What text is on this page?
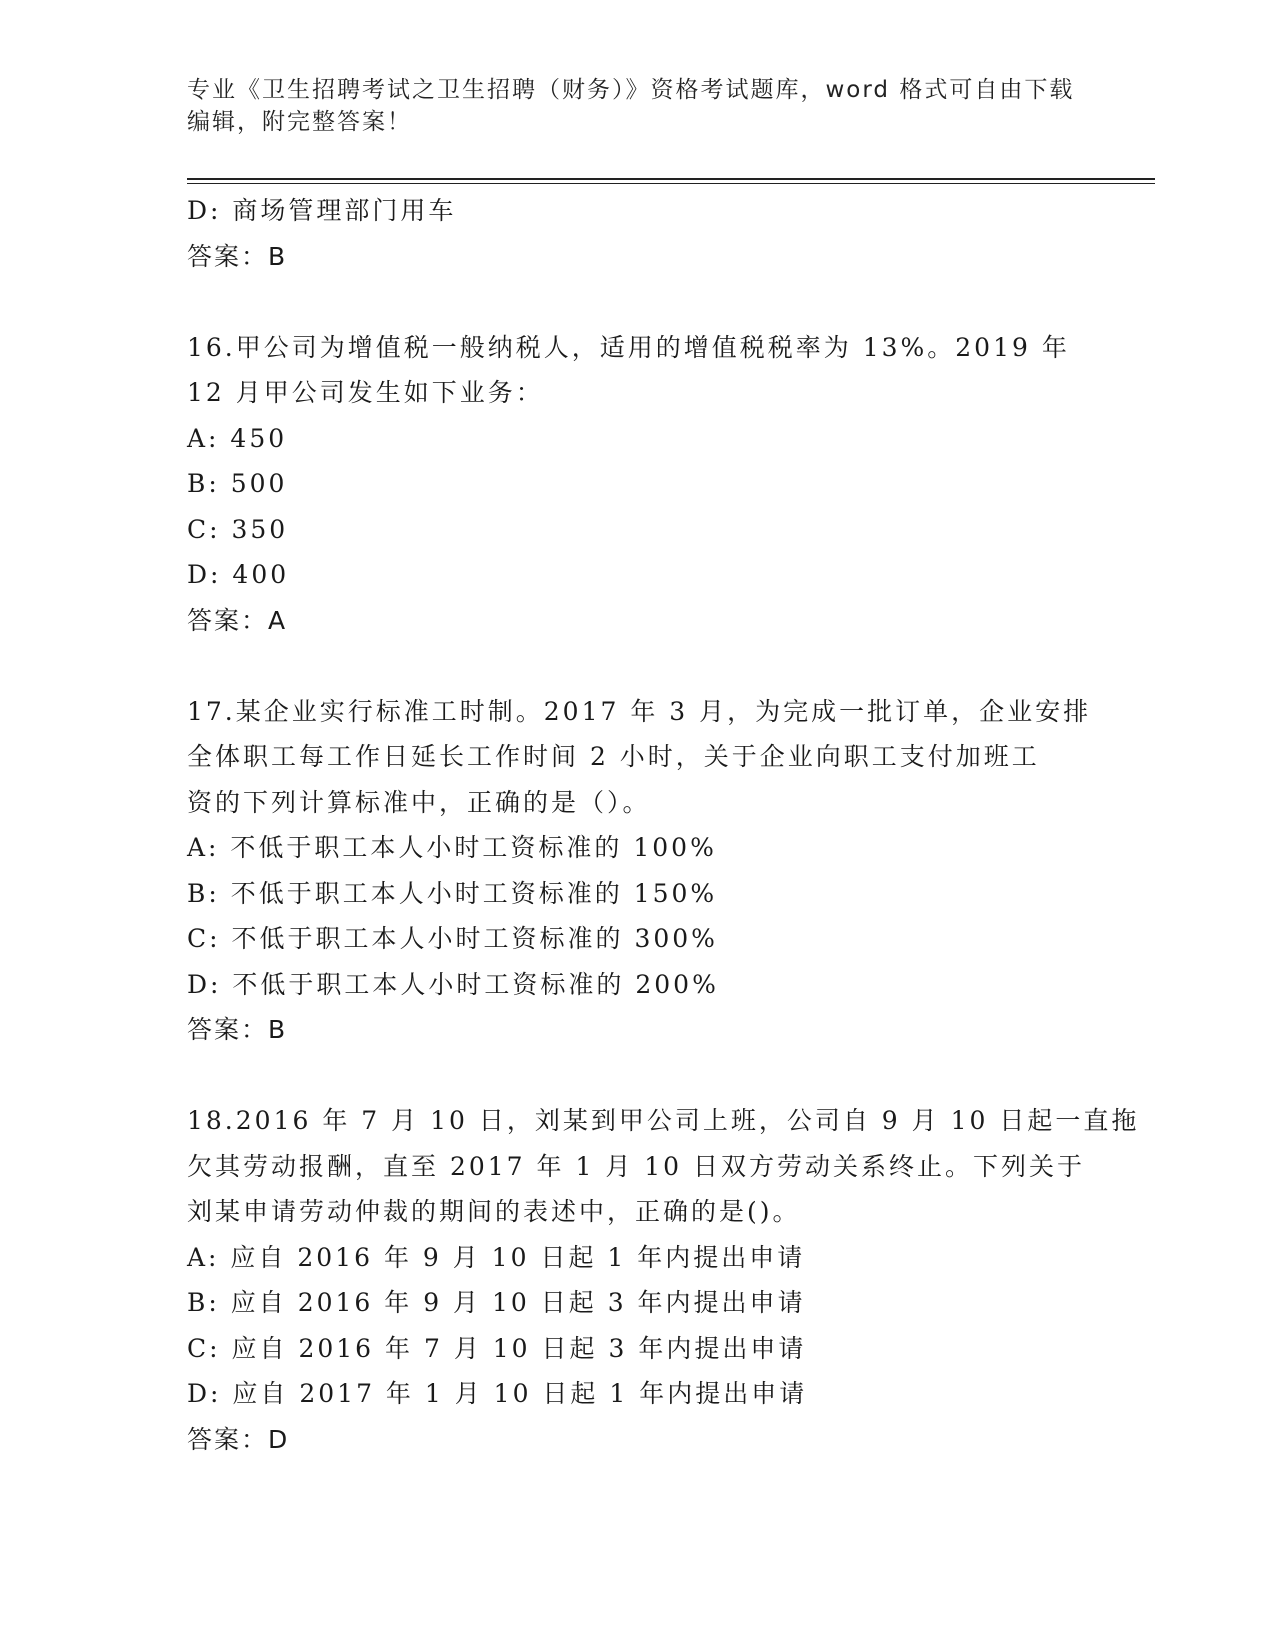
专业《卫生招聘考试之卫生招聘（财务）》资格考试题库，word 格式可自由下载
编辑，附完整答案！
D: 商场管理部门用车
答案：B
16.甲公司为增值税一般纳税人，适用的增值税税率为 13%。2019 年
12 月甲公司发生如下业务：
A: 450
B: 500
C: 350
D: 400
答案：A
17.某企业实行标准工时制。2017 年 3 月，为完成一批订单，企业安排
全体职工每工作日延长工作时间 2 小时，关于企业向职工支付加班工
资的下列计算标准中，正确的是（）。
A: 不低于职工本人小时工资标准的 100%
B: 不低于职工本人小时工资标准的 150%
C: 不低于职工本人小时工资标准的 300%
D: 不低于职工本人小时工资标准的 200%
答案：B
18.2016 年 7 月 10 日，刘某到甲公司上班，公司自 9 月 10 日起一直拖
欠其劳动报酬，直至 2017 年 1 月 10 日双方劳动关系终止。下列关于
刘某申请劳动仲裁的期间的表述中，正确的是()。
A: 应自 2016 年 9 月 10 日起 1 年内提出申请
B: 应自 2016 年 9 月 10 日起 3 年内提出申请
C: 应自 2016 年 7 月 10 日起 3 年内提出申请
D: 应自 2017 年 1 月 10 日起 1 年内提出申请
答案：D
